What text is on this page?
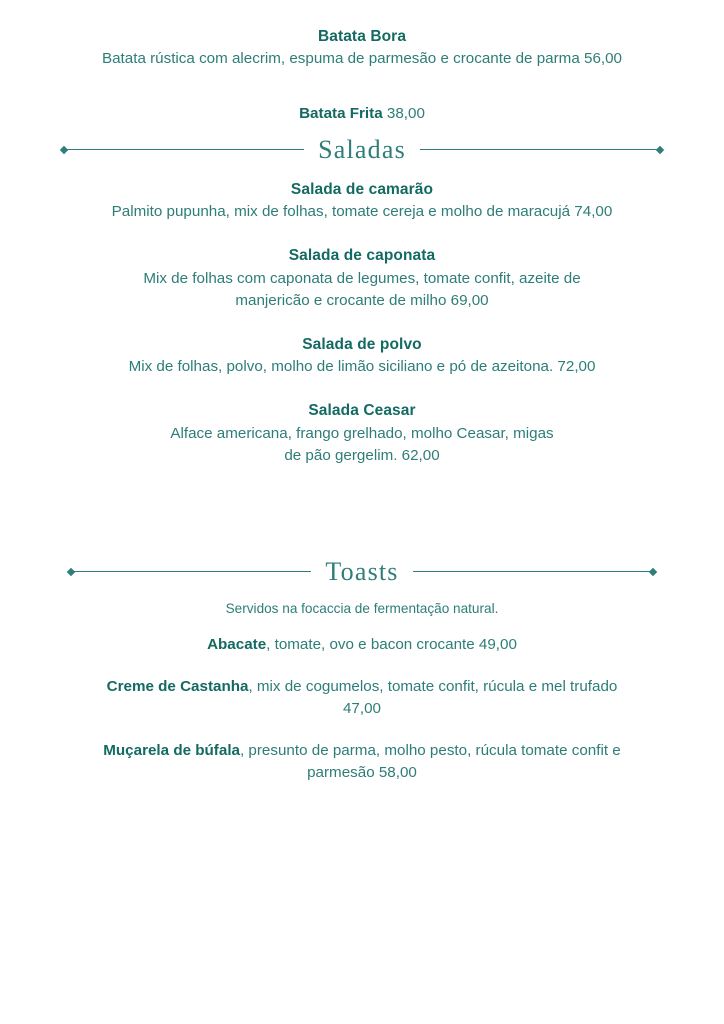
Batata Bora
Batata rústica com alecrim, espuma de parmesão e crocante de parma 56,00
Batata Frita 38,00
Saladas
Salada de camarão
Palmito pupunha, mix de folhas, tomate cereja e molho de maracujá 74,00
Salada de caponata
Mix de folhas com caponata de legumes, tomate confit, azeite de manjericão e crocante de milho 69,00
Salada de polvo
Mix de folhas, polvo, molho de limão siciliano e pó de azeitona. 72,00
Salada Ceasar
Alface americana, frango grelhado, molho Ceasar, migas de pão gergelim. 62,00
Toasts
Servidos na focaccia de fermentação natural.
Abacate, tomate, ovo e bacon crocante 49,00
Creme de Castanha, mix de cogumelos, tomate confit, rúcula e mel trufado 47,00
Muçarela de búfala, presunto de parma, molho pesto, rúcula tomate confit e parmesão 58,00
